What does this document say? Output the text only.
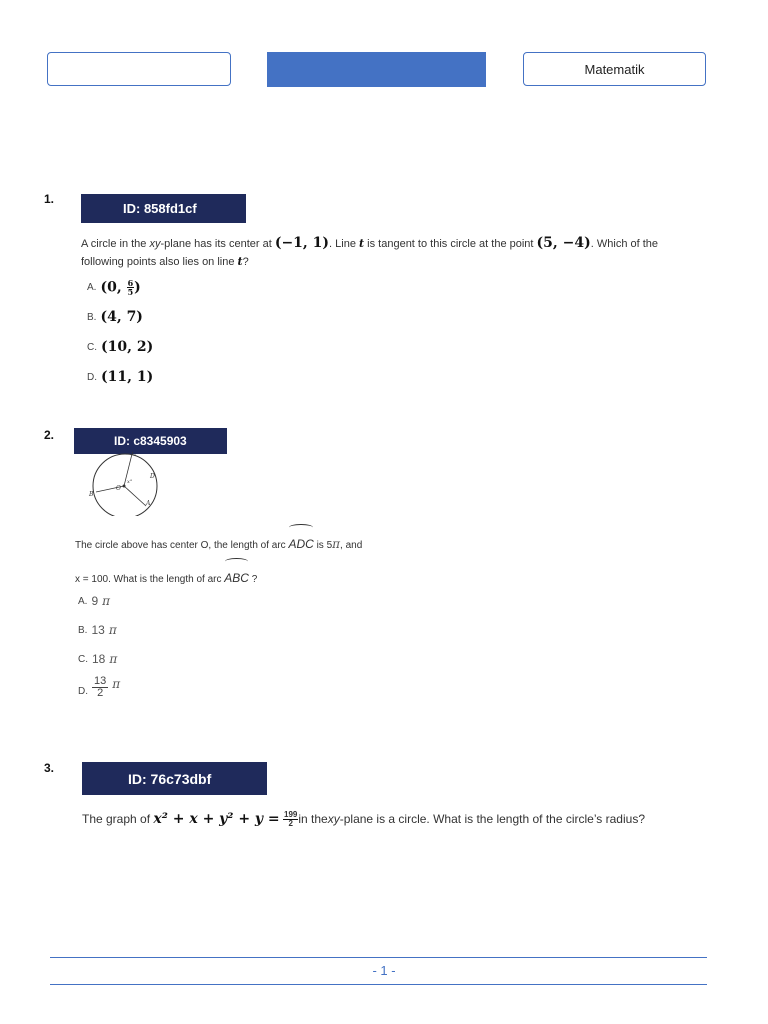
Matematik
1.
ID: 858fd1cf
A circle in the xy-plane has its center at (−1, 1). Line t is tangent to this circle at the point (5, −4). Which of the
following points also lies on line t?
A. (0, $\frac{6}{5}$ )
B. (4, 7)
C. (10, 2)
D. (11, 1)
2.	ID: c8345903
C
D
O
x°
B
A
The circle above has center O, the length of arc ADC is 5π, and
x = 100. What is the length of arc ABC ?
A. 9 π
B. 13 π
C. 18 π
D. $\frac{13}{2}$ π
3.
ID: 76c73dbf
The graph of
x² + x + y² + y =
$\frac{199}{2}$ in the xy -plane is a circle. What is the length of the circle’s radius?
- 1 -
